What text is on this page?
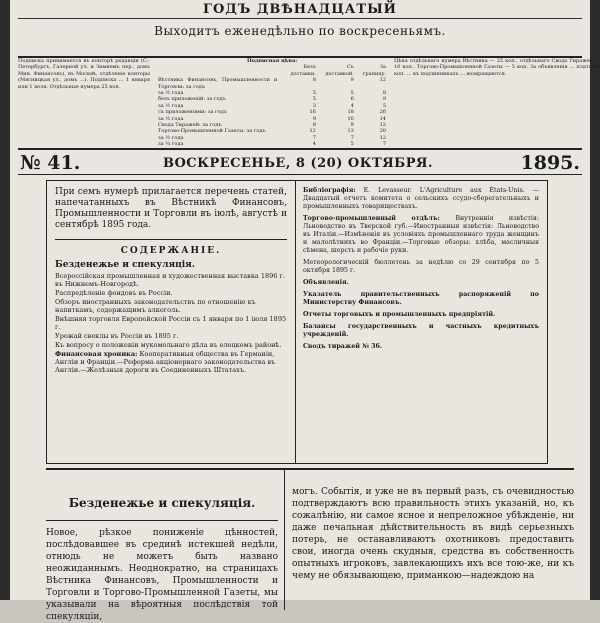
ГОДЪ ДВѢНАДЦАТЫЙ
Выходитъ еженедѣльно по воскресеньямъ.
Подписка принимается въ конторѣ редакціи (С.-Петербургъ, Галерной ул. и Зимнемъ пер., домъ Мин. Финансовъ), въ Москвѣ, отдѣленіе конторы (Мясницкая ул., домъ ...). Подписка ... 1 января или 1 іюля. Отдѣльные нумера 25 коп.
Подписная цѣна:
	Безъ доставки.	Съ доставкой.	За границу.
Вѣстника Финансовъ, Промышленности и Торговли: за годъ	8	9	12
за ½ года	5	5	8
безъ приложеній: за годъ	5	6	9
за ½ года	3	4	5
съ приложеніями: за годъ	16	18	26
за ½ года	9	10	14
Свода Тиражей: за годъ	8	9	12
Торгово-Промышленной Газеты: за годъ	12	13	20
за ½ года	7	7	12
за ¼ года	4	5	7
Цѣна отдѣльнаго нумера Вѣстника — 25 коп., отдѣльнаго Свода Тиражей — 10 коп., Торгово-Промышленной Газеты — 5 коп. За объявленія ... плата 40 коп. ... въ подлинникахъ ... возвращаются.
№ 41.	ВОСКРЕСЕНЬЕ, 8 (20) ОКТЯБРЯ.	1895.
При семъ нумерѣ прилагается перечень статей, напечатанныхъ въ Вѣстникѣ Финансовъ, Промышленности и Торговли въ іюлѣ, августѣ и сентябрѣ 1895 года.
СОДЕРЖАНІЕ.
Безденежье и спекуляція.
Всероссійская промышленная и художественная выставка 1896 г. въ Нижнемъ-Новгородѣ.
Распредѣленіе фондовъ въ Россіи.
Обзоръ иностранныхъ законодательствъ по отношенію къ напиткамъ, содержащимъ алкоголь.
Внѣшняя торговля Европейской Россіи съ 1 января по 1 іюля 1895 г.
Урожай свеклы въ Россіи въ 1895 г.
Къ вопросу о положеніи мукомольнаго дѣла въ елецкомъ районѣ.
Финансовая хроника: Кооперативныя общества въ Германіи, Англіи и Франціи.—Реформа акціонернаго законодательства въ Англіи.—Желѣзныя дороги въ Соединенныхъ Штатахъ.
Библіографія: Е. Levasseur. L'Agriculture aux États-Unis. — Двадцатый отчетъ комитета о сельскихъ ссудо-сберегательныхъ и промышленныхъ товариществахъ.
Торгово-промышленный отдѣлъ: Внутреннія извѣстія: Льноводство въ Тверской губ.—Иностранныя извѣстія: Льноводство въ Италіи.—Измѣненія въ условіяхъ промышленнаго труда женщинъ и малолѣтнихъ во Франціи.—Торговые обзоры: хлѣба, масличныя сѣмена, шерсть и рабочіе руки.
Метеорологическій бюллетень за недѣлю со 29 сентября по 5 октября 1895 г.
Объявленія.
Указатель правительственныхъ распоряженій по Министерству Финансовъ.
Отчеты торговыхъ и промышленныхъ предпріятій.
Балансы государственныхъ и частныхъ кредитныхъ учрежденій.
Сводъ тиражей № 36.
Безденежье и спекуляція.
Новое, рѣзкое пониженіе цѣнностей, послѣдовавшее въ срединѣ истекшей недѣли, отнюдь не можетъ быть названо неожиданнымъ. Неоднократно, на страницахъ Вѣстника Финансовъ, Промышленности и Торговли и Торгово-Промышленной Газеты, мы указывали на вѣроятныя послѣдствія той спекуляціи,
могъ. Событія, и уже не въ первый разъ, съ очевидностью подтверждаютъ всю правильность этихъ указаній, но, къ сожалѣнію, ни самое ясное и непреложное убѣжденіе, ни даже печальная дѣйствительность въ видѣ серьезныхъ потерь, не останавливаютъ охотниковъ предоставить свои, иногда очень скудныя, средства въ собственность опытныхъ игроковъ, завлекающихъ ихъ все тою-же, ни къ чему не обязывающею, приманкою—надеждою на
